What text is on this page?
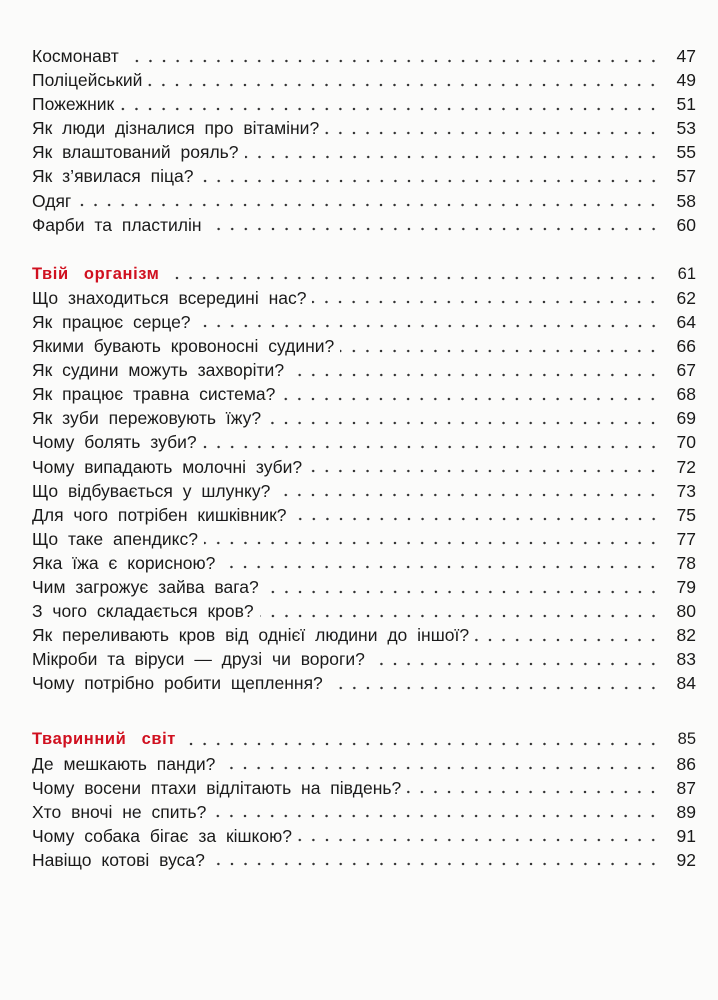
Космонавт	47
Поліцейський	49
Пожежник	51
Як люди дізналися про вітаміни?	53
Як влаштований рояль?	55
Як з’явилася піца?	57
Одяг	58
Фарби та пластилін	60
Твій організм	61
Що знаходиться всередині нас?	62
Як працює серце?	64
Якими бувають кровоносні судини?	66
Як судини можуть захворіти?	67
Як працює травна система?	68
Як зуби пережовують їжу?	69
Чому болять зуби?	70
Чому випадають молочні зуби?	72
Що відбувається у шлунку?	73
Для чого потрібен кишківник?	75
Що таке апендикс?	77
Яка їжа є корисною?	78
Чим загрожує зайва вага?	79
З чого складається кров?	80
Як переливають кров від однієї людини до іншої?	82
Мікроби та віруси — друзі чи вороги?	83
Чому потрібно робити щеплення?	84
Тваринний світ	85
Де мешкають панди?	86
Чому восени птахи відлітають на південь?	87
Хто вночі не спить?	89
Чому собака бігає за кішкою?	91
Навіщо котові вуса?	92
